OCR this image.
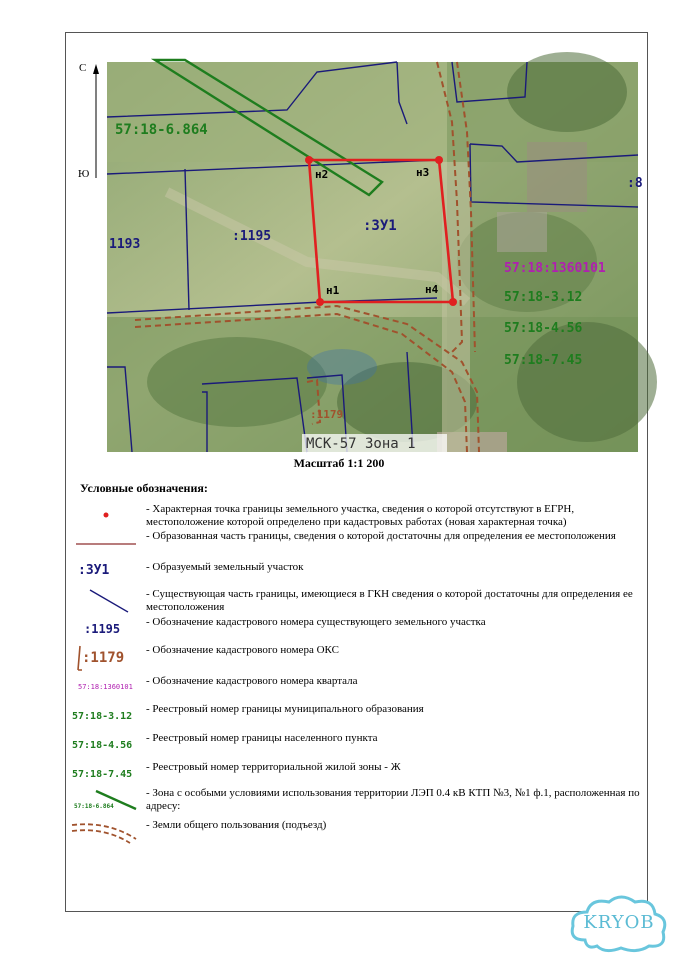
С
Ю
н1
н2	н3
н4
:ЗУ1
1193
:1195
:8
:1179
57:18-6.864
57:18:1360101
57:18-3.12
57:18-4.56
57:18-7.45
МСК-57 Зона 1
Масштаб 1:1 200
Условные обозначения:
- Характерная точка границы земельного участка, сведения о которой отсутствуют в ЕГРН, местоположение которой определено при кадастровых работах (новая характерная точка)
- Образованная часть границы, сведения о которой достаточны для определения ее местоположения
:ЗУ1	- Образуемый земельный участок
- Существующая часть границы, имеющиеся в ГКН сведения о которой достаточны для определения ее местоположения
:1195	- Обозначение кадастрового номера существующего земельного участка
:1179	- Обозначение кадастрового номера ОКС
57:18:1360101	- Обозначение кадастрового номера квартала
57:18-3.12
- Реестровый номер границы муниципального образования
57:18-4.56
- Реестровый номер границы населенного пункта
57:18-7.45
- Реестровый номер территориальной жилой зоны - Ж
57:18-6.864
- Зона с особыми условиями использования территории ЛЭП 0.4 кВ КТП №3, №1 ф.1, расположенная по адресу:
- Земли общего пользования (подъезд)
KRYOB
